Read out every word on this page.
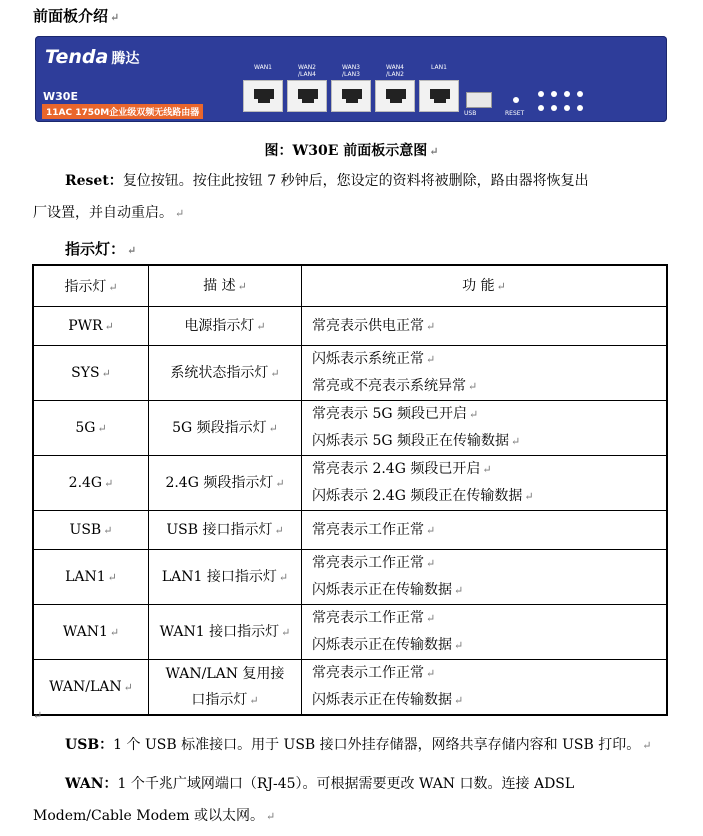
前面板介绍 ↵
Tenda 腾达
W30E
11AC 1750M企业级双频无线路由器
WAN1	WAN2
/LAN4
WAN3
/LAN3
WAN4
/LAN2
LAN1
USB	RESET
图：W30E 前面板示意图 ↵
Reset：复位按钮。按住此按钮 7 秒钟后，您设定的资料将被删除，路由器将恢复出
厂设置，并自动重启。 ↵
指示灯： ↵
指示灯 ↵	描 述 ↵	功 能 ↵
PWR ↵	电源指示灯 ↵	常亮表示供电正常 ↵
SYS ↵	系统状态指示灯 ↵	闪烁表示系统正常 ↵
常亮或不亮表示系统异常 ↵
5G ↵	5G 频段指示灯 ↵	常亮表示 5G 频段已开启 ↵
闪烁表示 5G 频段正在传输数据 ↵
2.4G ↵	2.4G 频段指示灯 ↵	常亮表示 2.4G 频段已开启 ↵
闪烁表示 2.4G 频段正在传输数据 ↵
USB ↵	USB 接口指示灯 ↵	常亮表示工作正常 ↵
LAN1 ↵	LAN1 接口指示灯 ↵	常亮表示工作正常 ↵
闪烁表示正在传输数据 ↵
WAN1 ↵	WAN1 接口指示灯 ↵	常亮表示工作正常 ↵
闪烁表示正在传输数据 ↵
WAN/LAN ↵	WAN/LAN 复用接口指示灯 ↵	常亮表示工作正常 ↵
闪烁表示正在传输数据 ↵
↵
USB：1 个 USB 标准接口。用于 USB 接口外挂存储器，网络共享存储内容和 USB 打印。 ↵
WAN：1 个千兆广域网端口（RJ-45）。可根据需要更改 WAN 口数。连接 ADSL Modem/Cable Modem 或以太网。 ↵
